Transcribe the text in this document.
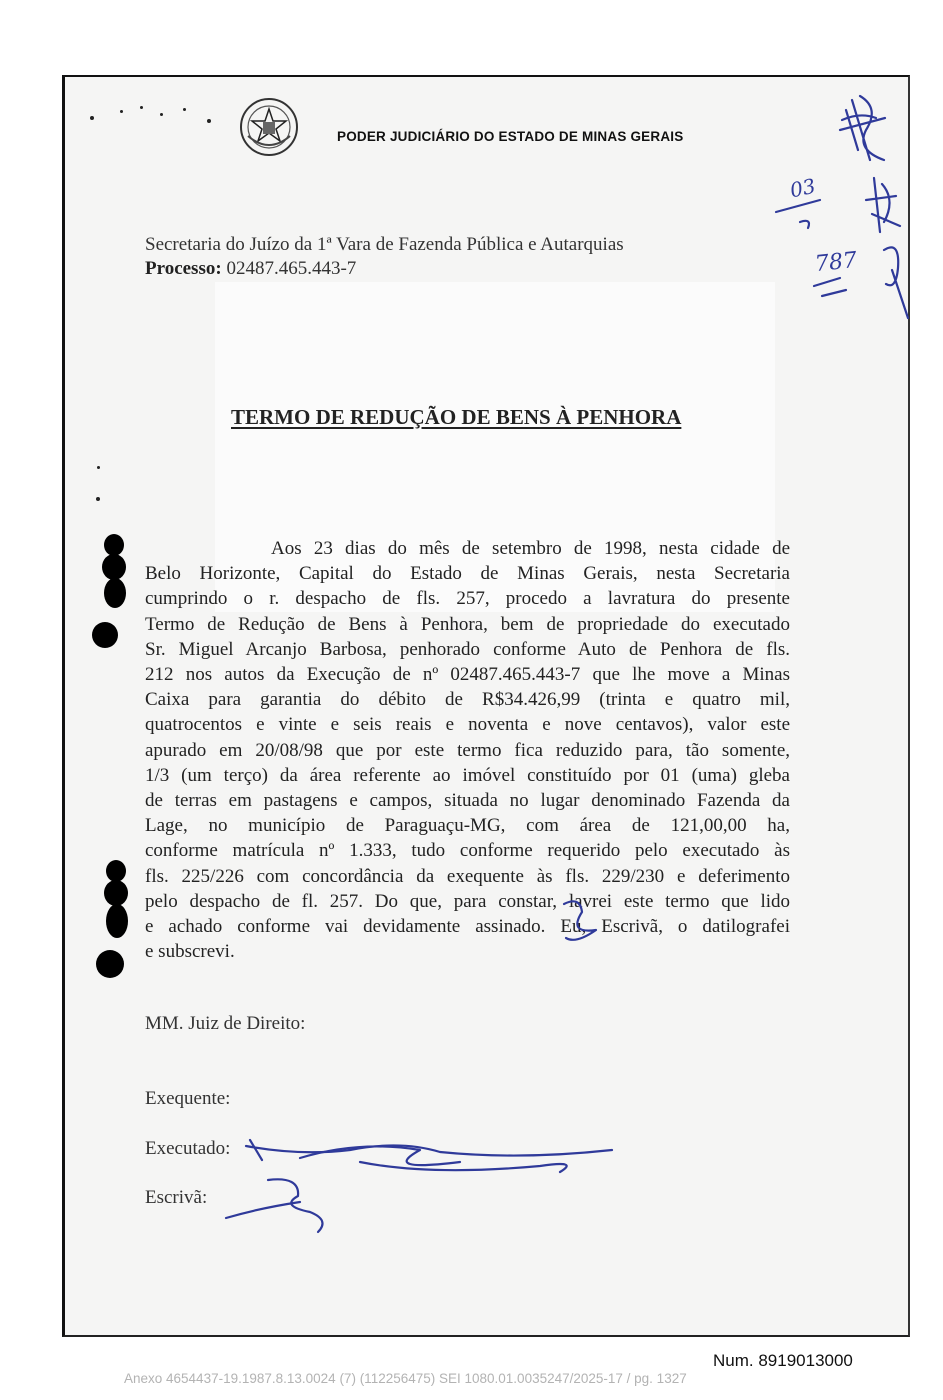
PODER JUDICIÁRIO DO ESTADO DE MINAS GERAIS
Secretaria do Juízo da 1ª Vara de Fazenda Pública e Autarquias
Processo: 02487.465.443-7
TERMO DE REDUÇÃO DE BENS À PENHORA
Aos 23 dias do mês de setembro de 1998, nesta cidade de
Belo Horizonte, Capital do Estado de Minas Gerais, nesta Secretaria
cumprindo o r. despacho de fls. 257, procedo a lavratura do presente
Termo de Redução de Bens à Penhora, bem de propriedade do executado
Sr. Miguel Arcanjo Barbosa, penhorado conforme Auto de Penhora de fls.
212 nos autos da Execução de nº 02487.465.443-7 que lhe move a Minas
Caixa para garantia do débito de R$34.426,99 (trinta e quatro mil,
quatrocentos e vinte e seis reais e noventa e nove centavos), valor este
apurado em 20/08/98 que por este termo fica reduzido para, tão somente,
1/3 (um terço) da área referente ao imóvel constituído por 01 (uma) gleba
de terras em pastagens e campos, situada no lugar denominado Fazenda da
Lage, no município de Paraguaçu-MG, com área de 121,00,00 ha,
conforme matrícula nº 1.333, tudo conforme requerido pelo executado às
fls. 225/226 com concordância da exequente às fls. 229/230 e deferimento
pelo despacho de fl. 257. Do que, para constar, lavrei este termo que lido
e achado conforme vai devidamente assinado. Eu, Escrivã, o datilografei
e subscrevi.
MM. Juiz de Direito:
Exequente:
Executado:
Escrivã:
03
787
Num. 8919013000
Anexo 4654437-19.1987.8.13.0024 (7) (112256475) SEI 1080.01.0035247/2025-17 / pg. 1327
